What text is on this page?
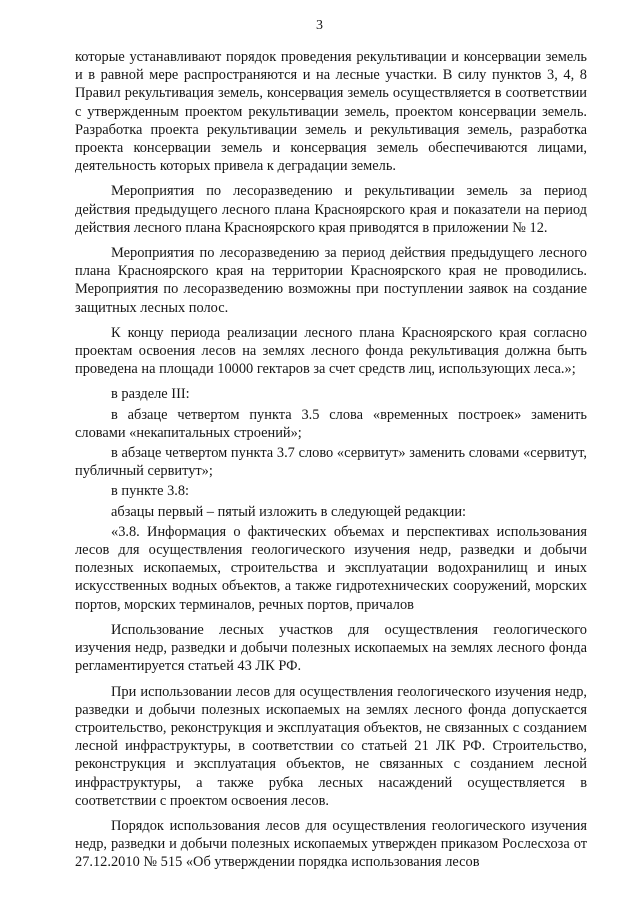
3

которые устанавливают порядок проведения рекультивации и консервации земель и в равной мере распространяются и на лесные участки. В силу пунктов 3, 4, 8 Правил рекультивация земель, консервация земель осуществляется в соответствии с утвержденным проектом рекультивации земель, проектом консервации земель. Разработка проекта рекультивации земель и рекультивация земель, разработка проекта консервации земель и консервация земель обеспечиваются лицами, деятельность которых привела к деградации земель.

Мероприятия по лесоразведению и рекультивации земель за период действия предыдущего лесного плана Красноярского края и показатели на период действия лесного плана Красноярского края приводятся в приложении № 12.

Мероприятия по лесоразведению за период действия предыдущего лесного плана Красноярского края на территории Красноярского края не проводились. Мероприятия по лесоразведению возможны при поступлении заявок на создание защитных лесных полос.

К концу периода реализации лесного плана Красноярского края согласно проектам освоения лесов на землях лесного фонда рекультивация должна быть проведена на площади 10000 гектаров за счет средств лиц, использующих леса.»;

в разделе III:

в абзаце четвертом пункта 3.5 слова «временных построек» заменить словами «некапитальных строений»;

в абзаце четвертом пункта 3.7 слово «сервитут» заменить словами «сервитут, публичный сервитут»;

в пункте 3.8:

абзацы первый – пятый изложить в следующей редакции:

«3.8. Информация о фактических объемах и перспективах использования лесов для осуществления геологического изучения недр, разведки и добычи полезных ископаемых, строительства и эксплуатации водохранилищ и иных искусственных водных объектов, а также гидротехнических сооружений, морских портов, морских терминалов, речных портов, причалов

Использование лесных участков для осуществления геологического изучения недр, разведки и добычи полезных ископаемых на землях лесного фонда регламентируется статьей 43 ЛК РФ.

При использовании лесов для осуществления геологического изучения недр, разведки и добычи полезных ископаемых на землях лесного фонда допускается строительство, реконструкция и эксплуатация объектов, не связанных с созданием лесной инфраструктуры, в соответствии со статьей 21 ЛК РФ. Строительство, реконструкция и эксплуатация объектов, не связанных с созданием лесной инфраструктуры, а также рубка лесных насаждений осуществляется в соответствии с проектом освоения лесов.

Порядок использования лесов для осуществления геологического изучения недр, разведки и добычи полезных ископаемых утвержден приказом Рослесхоза от 27.12.2010 № 515 «Об утверждении порядка использования лесов
